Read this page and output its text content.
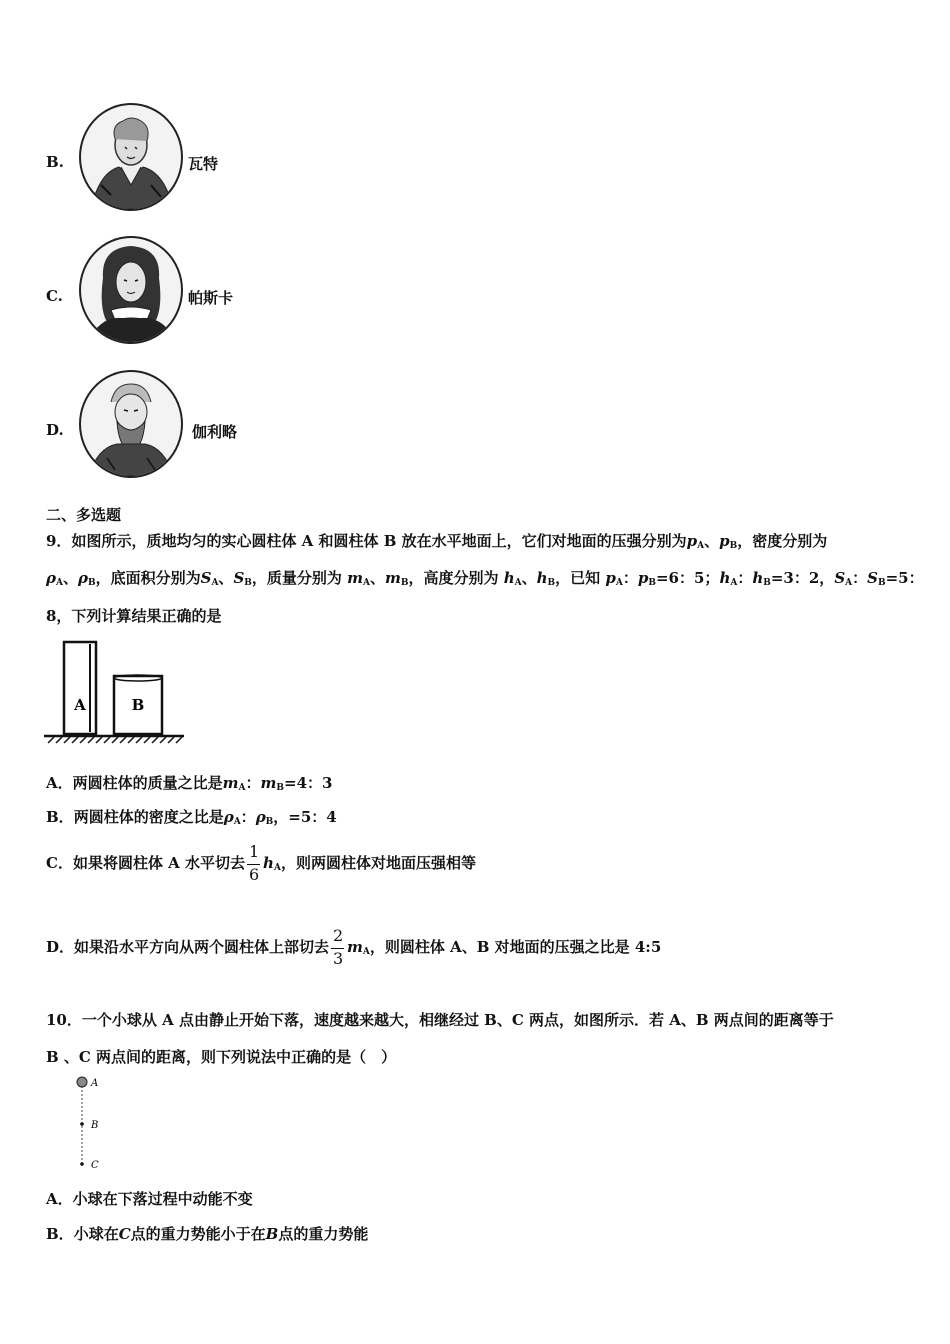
B.	瓦特
C.	帕斯卡
D.	伽利略
二、多选题
9．如图所示，质地均匀的实心圆柱体 A 和圆柱体 B 放在水平地面上，它们对地面的压强分别为$p_A$、$p_B$，密度分别为
$\rho_A$、$\rho_B$，底面积分别为$S_A$、$S_B$，质量分别为 $m_A$、$m_B$，高度分别为 $h_A$、$h_B$，已知 $p_A$：$p_B=6$：5；$h_A$：$h_B=3$：2，$S_A$：$S_B=5$：
8，下列计算结果正确的是
A	B
A．两圆柱体的质量之比是$m_A$：$m_B=4$：3
B．两圆柱体的密度之比是$\rho_A$：$\rho_B$，=5：4
C．如果将圆柱体 A 水平切去 $\frac{1}{6} h_A$，则两圆柱体对地面压强相等
D．如果沿水平方向从两个圆柱体上部切去 $\frac{2}{3} m_A$，则圆柱体 A、B 对地面的压强之比是 4:5
10．一个小球从 A 点由静止开始下落，速度越来越大，相继经过 B、C 两点，如图所示．若 A、B 两点间的距离等于
B 、C 两点间的距离，则下列说法中正确的是（　）
A
B
C
A．小球在下落过程中动能不变
B．小球在C点的重力势能小于在B点的重力势能
